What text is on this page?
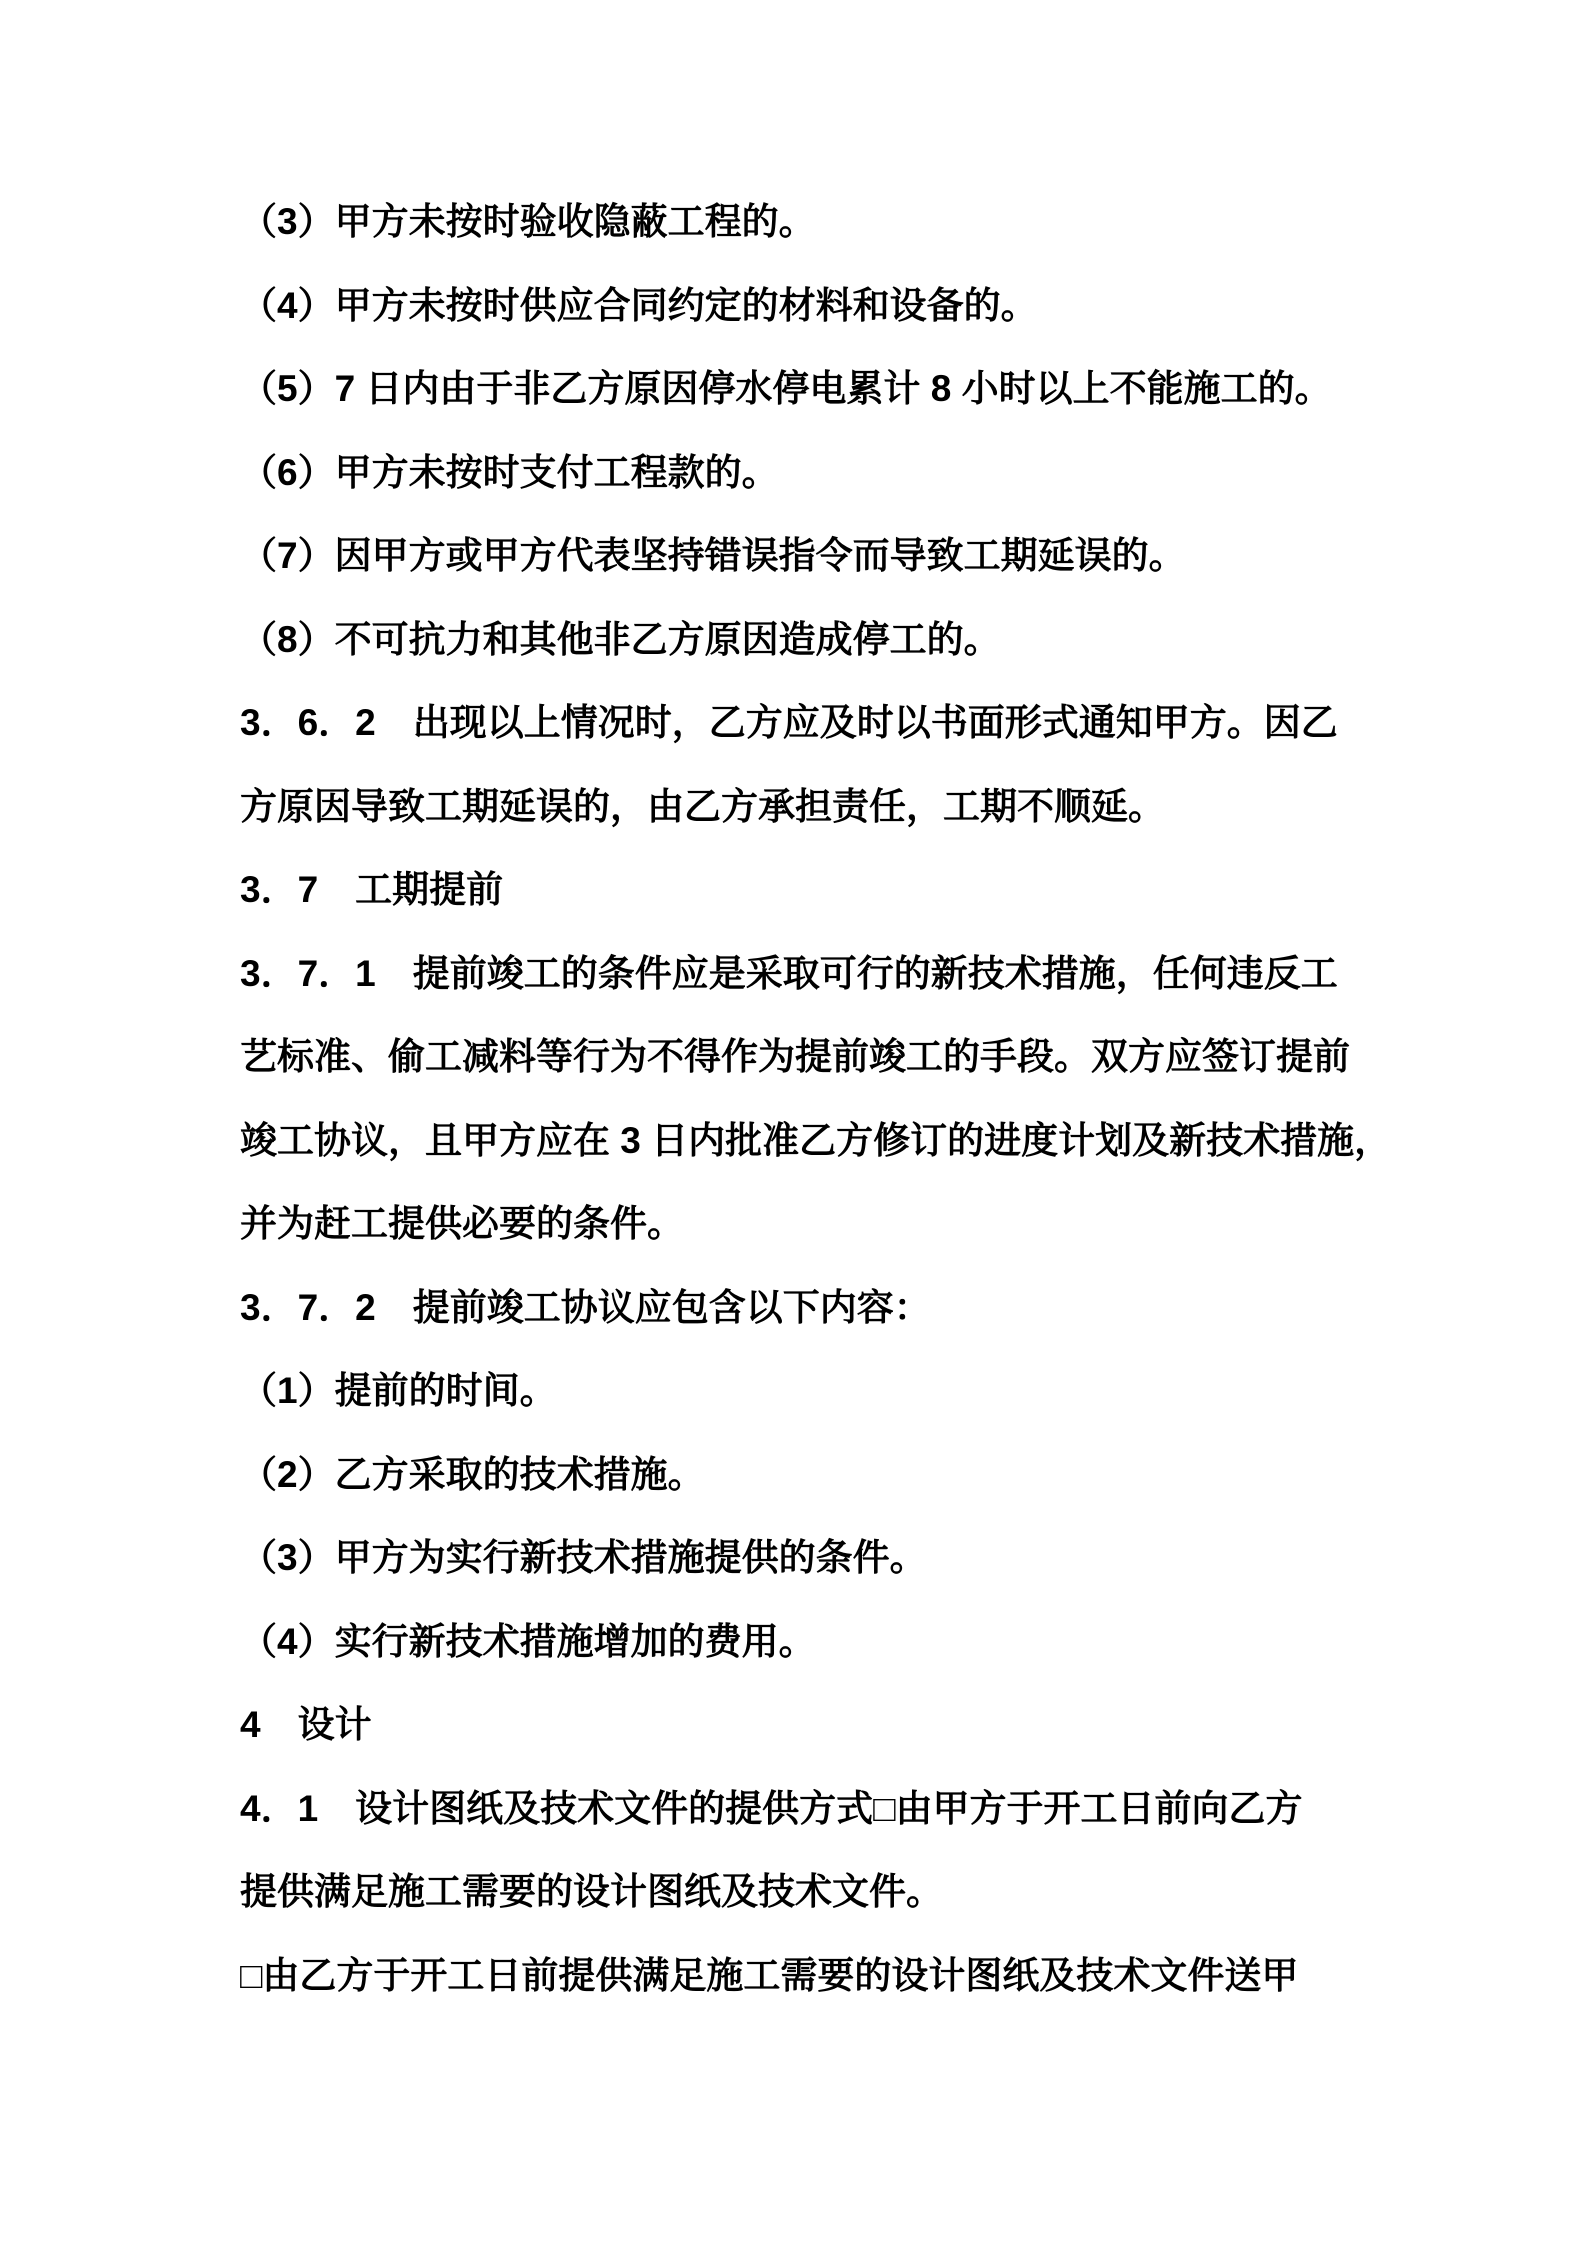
（3）甲方未按时验收隐蔽工程的。
（4）甲方未按时供应合同约定的材料和设备的。
（5）7 日内由于非乙方原因停水停电累计 8 小时以上不能施工的。
（6）甲方未按时支付工程款的。
（7）因甲方或甲方代表坚持错误指令而导致工期延误的。
（8）不可抗力和其他非乙方原因造成停工的。
3．6．2　出现以上情况时，乙方应及时以书面形式通知甲方。因乙
方原因导致工期延误的，由乙方承担责任，工期不顺延。
3．7　工期提前
3．7．1　提前竣工的条件应是采取可行的新技术措施，任何违反工
艺标准、偷工减料等行为不得作为提前竣工的手段。双方应签订提前
竣工协议，且甲方应在 3 日内批准乙方修订的进度计划及新技术措施，
并为赶工提供必要的条件。
3．7．2　提前竣工协议应包含以下内容：
（1）提前的时间。
（2）乙方采取的技术措施。
（3）甲方为实行新技术措施提供的条件。
（4）实行新技术措施增加的费用。
4　设计
4．1　设计图纸及技术文件的提供方式□由甲方于开工日前向乙方
提供满足施工需要的设计图纸及技术文件。
□由乙方于开工日前提供满足施工需要的设计图纸及技术文件送甲
